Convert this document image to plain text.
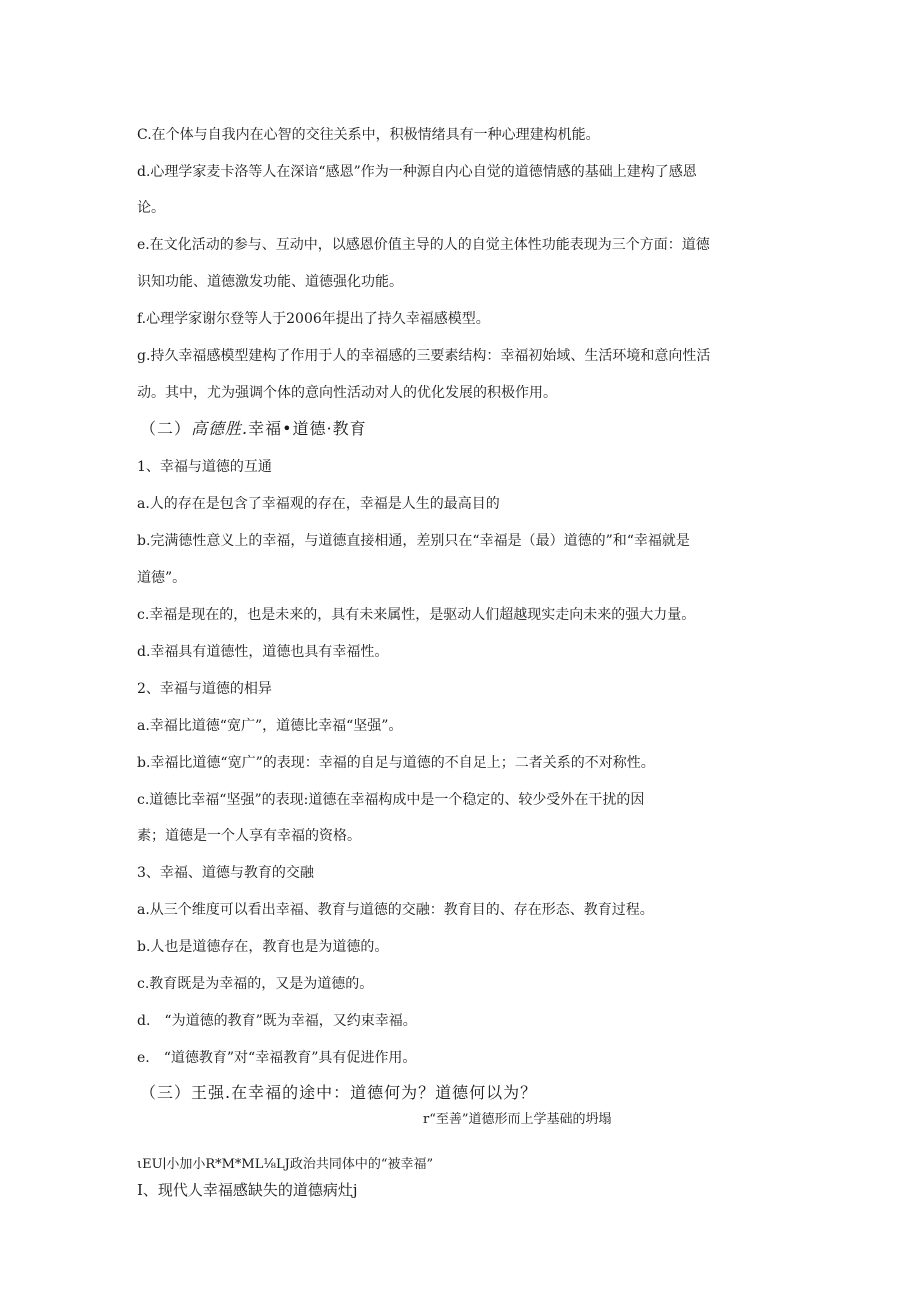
C.在个体与自我内在心智的交往关系中，积极情绪具有一种心理建构机能。
d.心理学家麦卡洛等人在深谙“感恩”作为一种源自内心自觉的道德情感的基础上建构了感恩
论。
e.在文化活动的参与、互动中，以感恩价值主导的人的自觉主体性功能表现为三个方面：道德
识知功能、道德激发功能、道德强化功能。
f.心理学家谢尔登等人于2006年提出了持久幸福感模型。
g.持久幸福感模型建构了作用于人的幸福感的三要素结构：幸福初始域、生活环境和意向性活
动。其中，尤为强调个体的意向性活动对人的优化发展的积极作用。
（二）高德胜.幸福•道德·教育
1、幸福与道德的互通
a.人的存在是包含了幸福观的存在，幸福是人生的最高目的
b.完满德性意义上的幸福，与道德直接相通，差别只在“幸福是（最）道德的”和“幸福就是
道德”。
c.幸福是现在的，也是未来的，具有未来属性，是驱动人们超越现实走向未来的强大力量。
d.幸福具有道德性，道德也具有幸福性。
2、幸福与道德的相异
a.幸福比道德“宽广”，道德比幸福“坚强”。
b.幸福比道德“宽广”的表现：幸福的自足与道德的不自足上；二者关系的不对称性。
c.道德比幸福“坚强”的表现:道德在幸福构成中是一个稳定的、较少受外在干扰的因
素；道德是一个人享有幸福的资格。
3、幸福、道德与教育的交融
a.从三个维度可以看出幸福、教育与道德的交融：教育目的、存在形态、教育过程。
b.人也是道德存在，教育也是为道德的。
c.教育既是为幸福的，又是为道德的。
d.　“为道德的教育”既为幸福，又约束幸福。
e.　“道德教育”对“幸福教育”具有促进作用。
（三）王强.在幸福的途中：道德何为？道德何以为？
r“至善”道德形而上学基础的坍塌
ιEU∣小加小R*M*ML⅛LJ政治共同体中的“被幸福”
I、现代人幸福感缺失的道德病灶j
